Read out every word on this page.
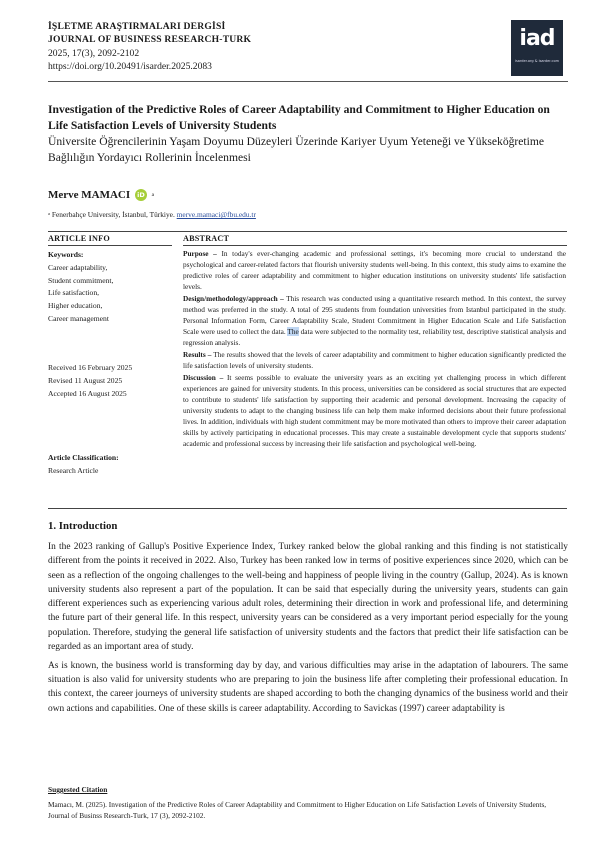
İŞLETME ARAŞTIRMALARI DERGİSİ
JOURNAL OF BUSINESS RESEARCH-TURK
2025, 17(3), 2092-2102
https://doi.org/10.20491/isarder.2025.2083
iad
isarder.org & isarder.com
Investigation of the Predictive Roles of Career Adaptability and Commitment to Higher Education on Life Satisfaction Levels of University Students
Üniversite Öğrencilerinin Yaşam Doyumu Düzeyleri Üzerinde Kariyer Uyum Yeteneği ve Yükseköğretime Bağlılığın Yordayıcı Rollerinin İncelenmesi
Merve MAMACI iD $^a$
ᵃ Fenerbahçe University, İstanbul, Türkiye. merve.mamaci@fbu.edu.tr
ARTICLE INFO	ABSTRACT
Keywords:
Career adaptability,
Student commitment,
Life satisfaction,
Higher education,
Career management
Received 16 February 2025
Revised 11 August 2025
Accepted 16 August 2025
Article Classification:
Research Article

Purpose – In today's ever-changing academic and professional settings, it's becoming more crucial to understand the psychological and career-related factors that flourish university students well-being. In this context, this study aims to examine the predictive roles of career adaptability and commitment to higher education institutions on university students' life satisfaction levels.

Design/methodology/approach – This research was conducted using a quantitative research method. In this context, the survey method was preferred in the study. A total of 295 students from foundation universities from Istanbul participated in the study. Personal Information Form, Career Adaptability Scale, Student Commitment in Higher Education Scale and Life Satisfaction Scale were used to collect the data. The data were subjected to the normality test, reliability test, descriptive statistical analysis and regression analysis.

Results – The results showed that the levels of career adaptability and commitment to higher education significantly predicted the life satisfaction levels of university students.

Discussion – It seems possible to evaluate the university years as an exciting yet challenging process in which different experiences are gained for university students. In this process, universities can be considered as social structures that are expected to contribute to students' life satisfaction by supporting their academic and personal development. Increasing the capacity of university students to adapt to the changing business life can help them make informed decisions about their future professional lives. In addition, individuals with high student commitment may be more motivated than others to improve their career adaptation skills by actively participating in educational processes. This may create a sustainable development cycle that supports students' academic and professional success by increasing their life satisfaction and psychological well-being.

1. Introduction

In the 2023 ranking of Gallup's Positive Experience Index, Turkey ranked below the global ranking and this finding is not statistically different from the points it received in 2022. Also, Turkey has been ranked low in terms of positive experiences since 2020, which can be seen as a reflection of the ongoing challenges to the well-being and happiness of people living in the country (Gallup, 2024). As is known university students also represent a part of the population. It can be said that especially during the university years, students can gain different experiences such as experiencing various adult roles, determining their direction in work and professional life, and determining the future part of their general life. In this respect, university years can be considered as a very important period especially for the young population. Therefore, studying the general life satisfaction of university students and the factors that predict their life satisfaction can be regarded as an important area of study.

As is known, the business world is transforming day by day, and various difficulties may arise in the adaptation of labourers. The same situation is also valid for university students who are preparing to join the business life after completing their professional education. In this context, the career journeys of university students are shaped according to both the changing dynamics of the business world and their own actions and capabilities. One of these skills is career adaptability. According to Savickas (1997) career adaptability is

Suggested Citation
Mamacı, M. (2025). Investigation of the Predictive Roles of Career Adaptability and Commitment to Higher Education on Life Satisfaction Levels of University Students, Journal of Businss Research-Turk, 17 (3), 2092-2102.
